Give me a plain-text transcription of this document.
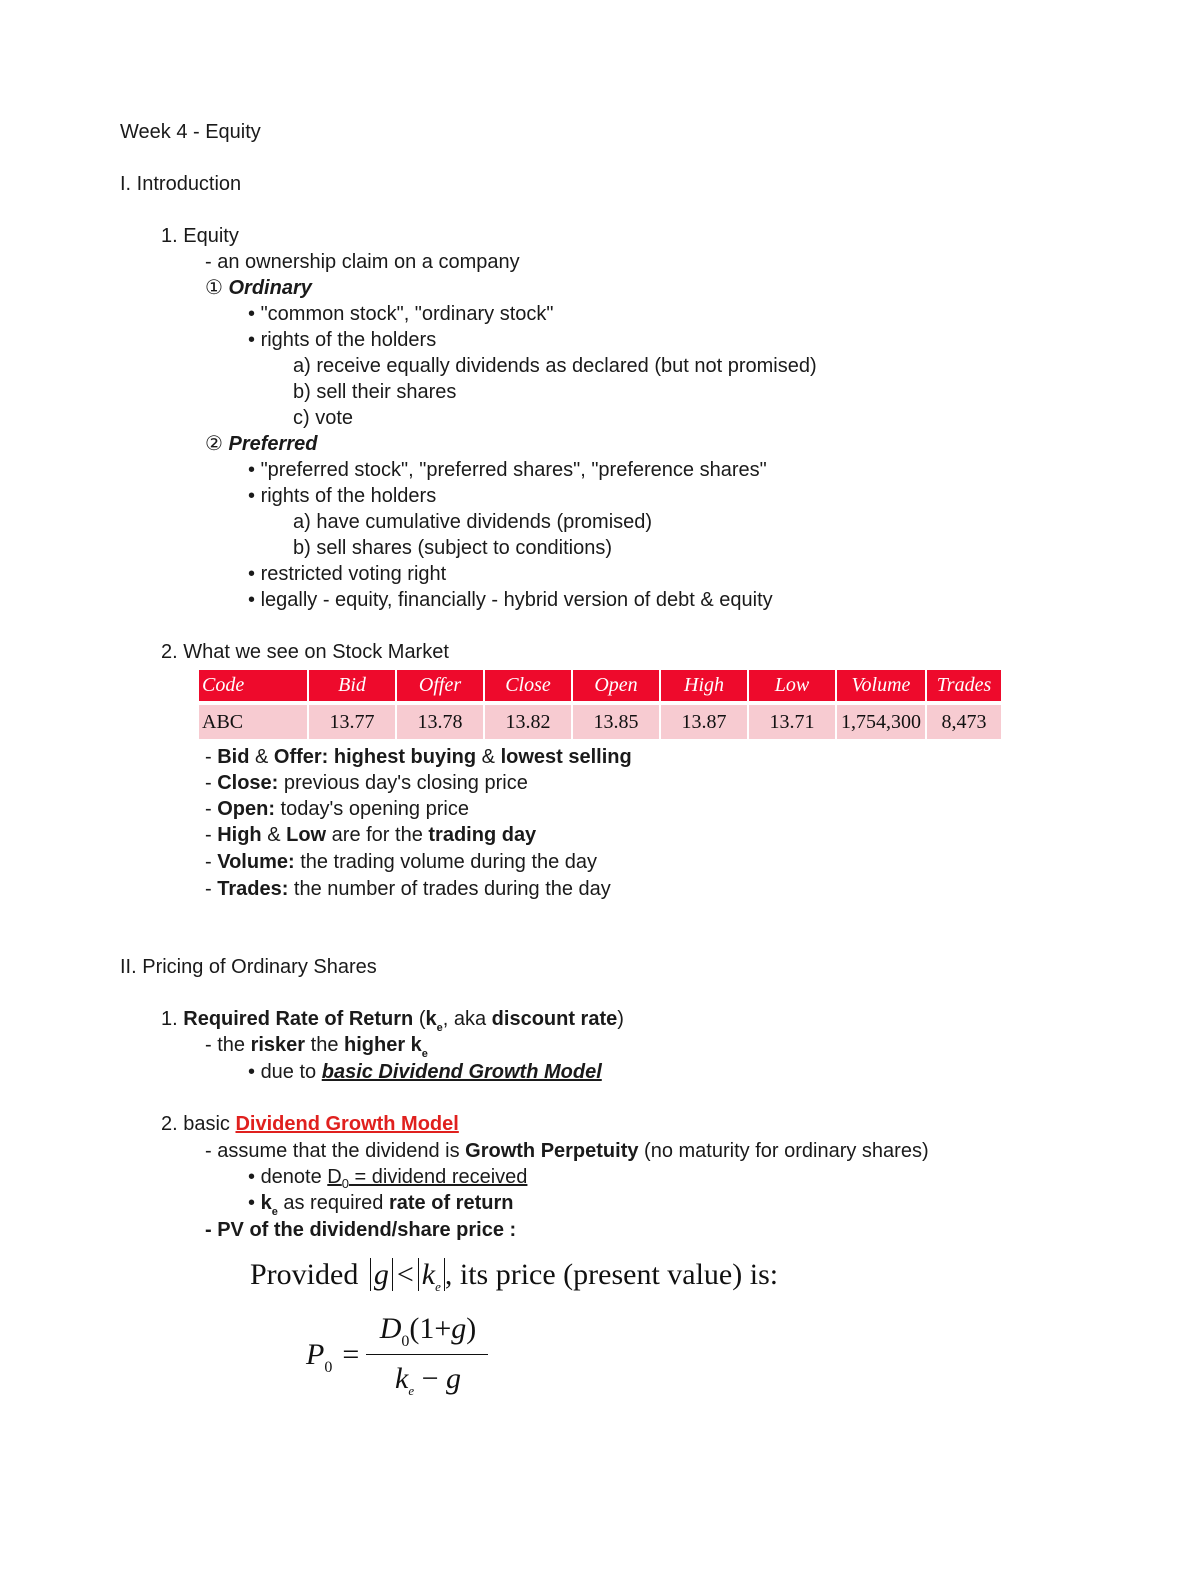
Week 4 - Equity
I. Introduction
1. Equity
- an ownership claim on a company
① Ordinary
• "common stock", "ordinary stock"
• rights of the holders
a) receive equally dividends as declared (but not promised)
b) sell their shares
c) vote
② Preferred
• "preferred stock", "preferred shares", "preference shares"
• rights of the holders
a) have cumulative dividends (promised)
b) sell shares (subject to conditions)
• restricted voting right
• legally - equity, financially - hybrid version of debt & equity
2. What we see on Stock Market
Code	Bid	Offer	Close	Open	High	Low	Volume	Trades
ABC	13.77	13.78	13.82	13.85	13.87	13.71	1,754,300	8,473
- Bid & Offer: highest buying & lowest selling
- Close: previous day's closing price
- Open: today's opening price
- High & Low are for the trading day
- Volume: the trading volume during the day
- Trades: the number of trades during the day
II. Pricing of Ordinary Shares
1. Required Rate of Return ($k_e$, aka discount rate)
- the risker the higher $k_e$
• due to basic Dividend Growth Model
2. basic Dividend Growth Model
- assume that the dividend is Growth Perpetuity (no maturity for ordinary shares)
• denote $D_0$ = dividend received
• $k_e$ as required rate of return
- PV of the dividend/share price :
Provided $g < k_e$ , its price (present value) is:
$P_0$ =
$D_0(1+g)$
$k_e - g$
